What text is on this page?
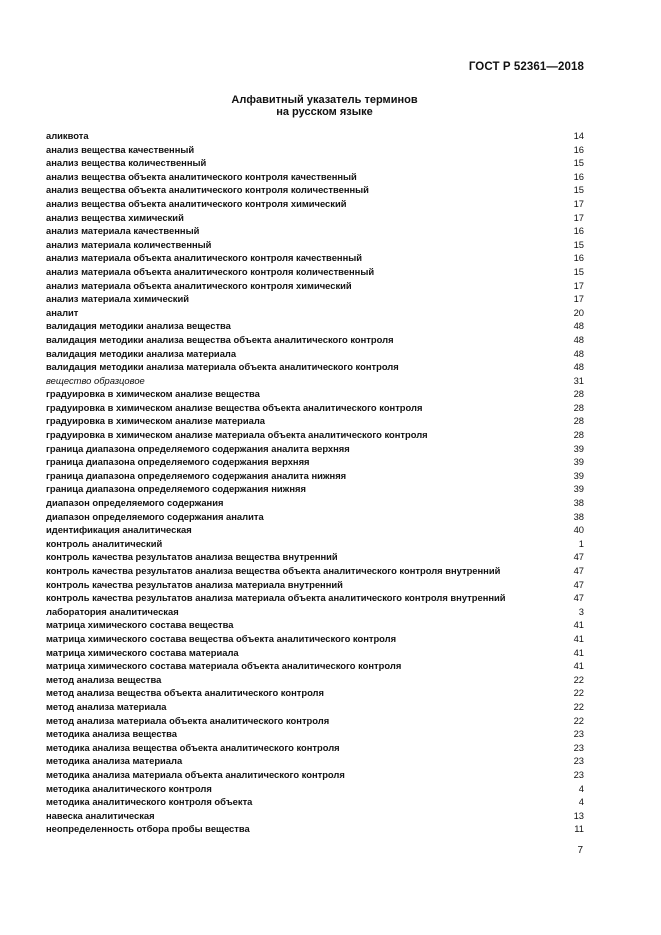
ГОСТ Р 52361—2018
Алфавитный указатель терминов
на русском языке
аликвота	14
анализ вещества качественный	16
анализ вещества количественный	15
анализ вещества объекта аналитического контроля качественный	16
анализ вещества объекта аналитического контроля количественный	15
анализ вещества объекта аналитического контроля химический	17
анализ вещества химический	17
анализ материала качественный	16
анализ материала количественный	15
анализ материала объекта аналитического контроля качественный	16
анализ материала объекта аналитического контроля количественный	15
анализ материала объекта аналитического контроля химический	17
анализ материала химический	17
аналит	20
валидация методики анализа вещества	48
валидация методики анализа вещества объекта аналитического контроля	48
валидация методики анализа материала	48
валидация методики анализа материала объекта аналитического контроля	48
вещество образцовое	31
градуировка в химическом анализе вещества	28
градуировка в химическом анализе вещества объекта аналитического контроля	28
градуировка в химическом анализе материала	28
градуировка в химическом анализе материала объекта аналитического контроля	28
граница диапазона определяемого содержания аналита верхняя	39
граница диапазона определяемого содержания верхняя	39
граница диапазона определяемого содержания аналита нижняя	39
граница диапазона определяемого содержания нижняя	39
диапазон определяемого содержания	38
диапазон определяемого содержания аналита	38
идентификация аналитическая	40
контроль аналитический	1
контроль качества результатов анализа вещества внутренний	47
контроль качества результатов анализа вещества объекта аналитического контроля внутренний	47
контроль качества результатов анализа материала внутренний	47
контроль качества результатов анализа материала объекта аналитического контроля внутренний	47
лаборатория аналитическая	3
матрица химического состава вещества	41
матрица химического состава вещества объекта аналитического контроля	41
матрица химического состава материала	41
матрица химического состава материала объекта аналитического контроля	41
метод анализа вещества	22
метод анализа вещества объекта аналитического контроля	22
метод анализа материала	22
метод анализа материала объекта аналитического контроля	22
методика анализа вещества	23
методика анализа вещества объекта аналитического контроля	23
методика анализа материала	23
методика анализа материала объекта аналитического контроля	23
методика аналитического контроля	4
методика аналитического контроля объекта	4
навеска аналитическая	13
неопределенность отбора пробы вещества	11
7
